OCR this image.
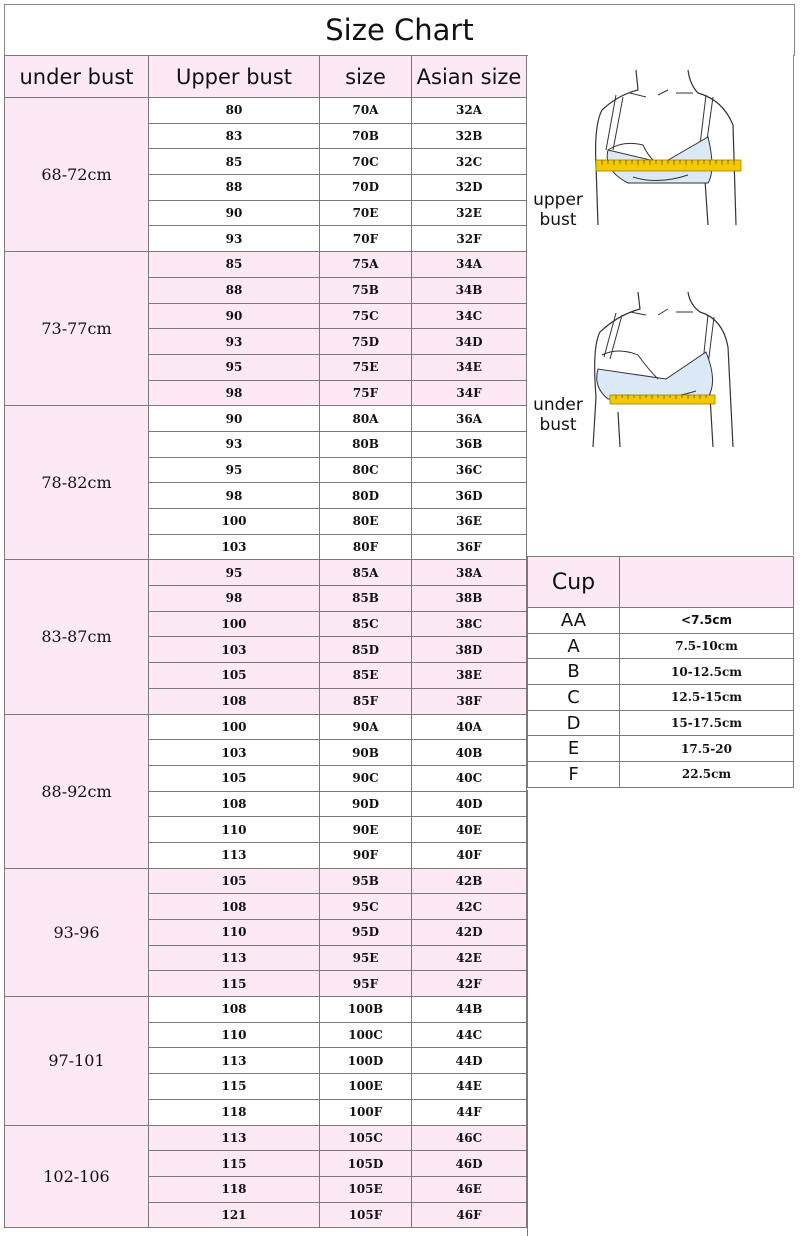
Size Chart
under bust	Upper bust	size	Asian size
68-72cm	80	70A	32A
	83	70B	32B
	85	70C	32C
	88	70D	32D
	90	70E	32E
	93	70F	32F
73-77cm	85	75A	34A
	88	75B	34B
	90	75C	34C
	93	75D	34D
	95	75E	34E
	98	75F	34F
78-82cm	90	80A	36A
	93	80B	36B
	95	80C	36C
	98	80D	36D
	100	80E	36E
	103	80F	36F
83-87cm	95	85A	38A
	98	85B	38B
	100	85C	38C
	103	85D	38D
	105	85E	38E
	108	85F	38F
88-92cm	100	90A	40A
	103	90B	40B
	105	90C	40C
	108	90D	40D
	110	90E	40E
	113	90F	40F
93-96	105	95B	42B
	108	95C	42C
	110	95D	42D
	113	95E	42E
	115	95F	42F
97-101	108	100B	44B
	110	100C	44C
	113	100D	44D
	115	100E	44E
	118	100F	44F
102-106	113	105C	46C
	115	105D	46D
	118	105E	46E
	121	105F	46F
upper
bust
under
bust
Cup	
AA	<7.5cm
A	7.5-10cm
B	10-12.5cm
C	12.5-15cm
D	15-17.5cm
E	17.5-20
F	22.5cm
